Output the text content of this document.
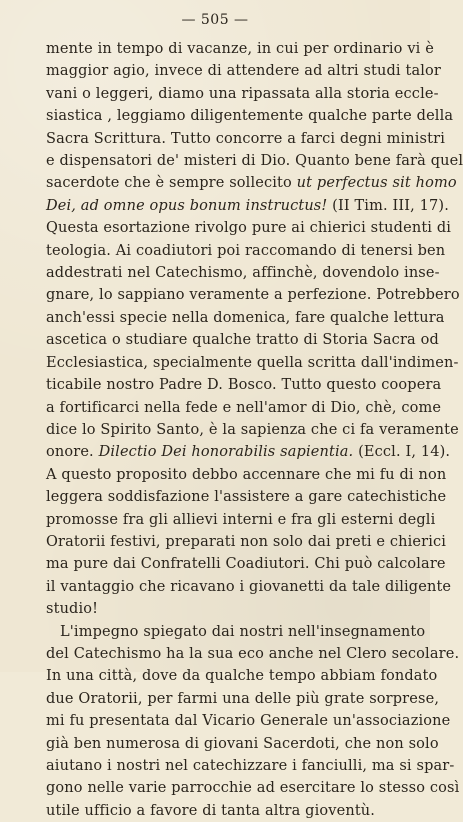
— 505 —
mente in tempo di vacanze, in cui per ordinario vi è
maggior agio, invece di attendere ad altri studi talor
vani o leggeri, diamo una ripassata alla storia eccle-
siastica , leggiamo diligentemente qualche parte della
Sacra Scrittura. Tutto concorre a farci degni ministri
e dispensatori de' misteri di Dio. Quanto bene farà quel
sacerdote che è sempre sollecito ut perfectus sit homo
Dei, ad omne opus bonum instructus! (II Tim. III, 17).
Questa esortazione rivolgo pure ai chierici studenti di
teologia. Ai coadiutori poi raccomando di tenersi ben
addestrati nel Catechismo, affinchè, dovendolo inse-
gnare, lo sappiano veramente a perfezione. Potrebbero
anch'essi specie nella domenica, fare qualche lettura
ascetica o studiare qualche tratto di Storia Sacra od
Ecclesiastica, specialmente quella scritta dall'indimen-
ticabile nostro Padre D. Bosco. Tutto questo coopera
a fortificarci nella fede e nell'amor di Dio, chè, come
dice lo Spirito Santo, è la sapienza che ci fa veramente
onore. Dilectio Dei honorabilis sapientia. (Eccl. I, 14).
A questo proposito debbo accennare che mi fu di non
leggera soddisfazione l'assistere a gare catechistiche
promosse fra gli allievi interni e fra gli esterni degli
Oratorii festivi, preparati non solo dai preti e chierici
ma pure dai Confratelli Coadiutori. Chi può calcolare
il vantaggio che ricavano i giovanetti da tale diligente
studio!
L'impegno spiegato dai nostri nell'insegnamento
del Catechismo ha la sua eco anche nel Clero secolare.
In una città, dove da qualche tempo abbiam fondato
due Oratorii, per farmi una delle più grate sorprese,
mi fu presentata dal Vicario Generale un'associazione
già ben numerosa di giovani Sacerdoti, che non solo
aiutano i nostri nel catechizzare i fanciulli, ma si spar-
gono nelle varie parrocchie ad esercitare lo stesso così
utile ufficio a favore di tanta altra gioventù.
